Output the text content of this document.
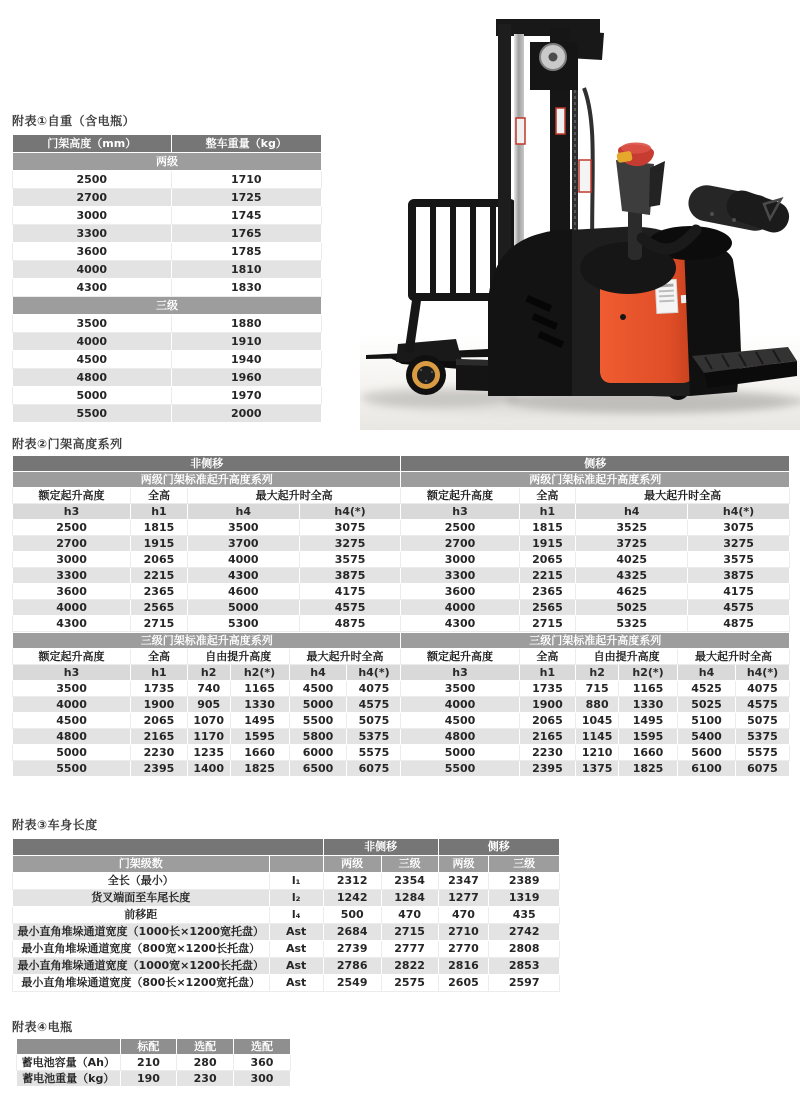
附表①自重（含电瓶）
门架高度（mm）	整车重量（kg）
两级	
2500	1710
2700	1725
3000	1745
3300	1765
3600	1785
4000	1810
4300	1830
三级	
3500	1880
4000	1910
4500	1940
4800	1960
5000	1970
5500	2000
附表②门架高度系列
非侧移				侧移			
两级门架标准起升高度系列				两级门架标准起升高度系列			
额定起升高度	全高	最大起升时全高		额定起升高度	全高	最大起升时全高	
h3	h1	h4	h4(*)	h3	h1	h4	h4(*)
2500	1815	3500	3075	2500	1815	3525	3075
2700	1915	3700	3275	2700	1915	3725	3275
3000	2065	4000	3575	3000	2065	4025	3575
3300	2215	4300	3875	3300	2215	4325	3875
3600	2365	4600	4175	3600	2365	4625	4175
4000	2565	5000	4575	4000	2565	5025	4575
4300	2715	5300	4875	4300	2715	5325	4875
三级门架标准起升高度系列						三级门架标准起升高度系列					
额定起升高度	全高	自由提升高度		最大起升时全高		额定起升高度	全高	自由提升高度		最大起升时全高	
h3	h1	h2	h2(*)	h4	h4(*)	h3	h1	h2	h2(*)	h4	h4(*)
3500	1735	740	1165	4500	4075	3500	1735	715	1165	4525	4075
4000	1900	905	1330	5000	4575	4000	1900	880	1330	5025	4575
4500	2065	1070	1495	5500	5075	4500	2065	1045	1495	5100	5075
4800	2165	1170	1595	5800	5375	4800	2165	1145	1595	5400	5375
5000	2230	1235	1660	6000	5575	5000	2230	1210	1660	5600	5575
5500	2395	1400	1825	6500	6075	5500	2395	1375	1825	6100	6075
附表③车身长度
		非侧移		侧移	
门架级数		两级	三级	两级	三级
全长（最小）	l₁	2312	2354	2347	2389
货叉端面至车尾长度	l₂	1242	1284	1277	1319
前移距	l₄	500	470	470	435
最小直角堆垛通道宽度（1000长×1200宽托盘）	Ast	2684	2715	2710	2742
最小直角堆垛通道宽度（800宽×1200长托盘）	Ast	2739	2777	2770	2808
最小直角堆垛通道宽度（1000宽×1200长托盘）	Ast	2786	2822	2816	2853
最小直角堆垛通道宽度（800长×1200宽托盘）	Ast	2549	2575	2605	2597
附表④电瓶
	标配	选配	选配
蓄电池容量（Ah）	210	280	360
蓄电池重量（kg）	190	230	300
